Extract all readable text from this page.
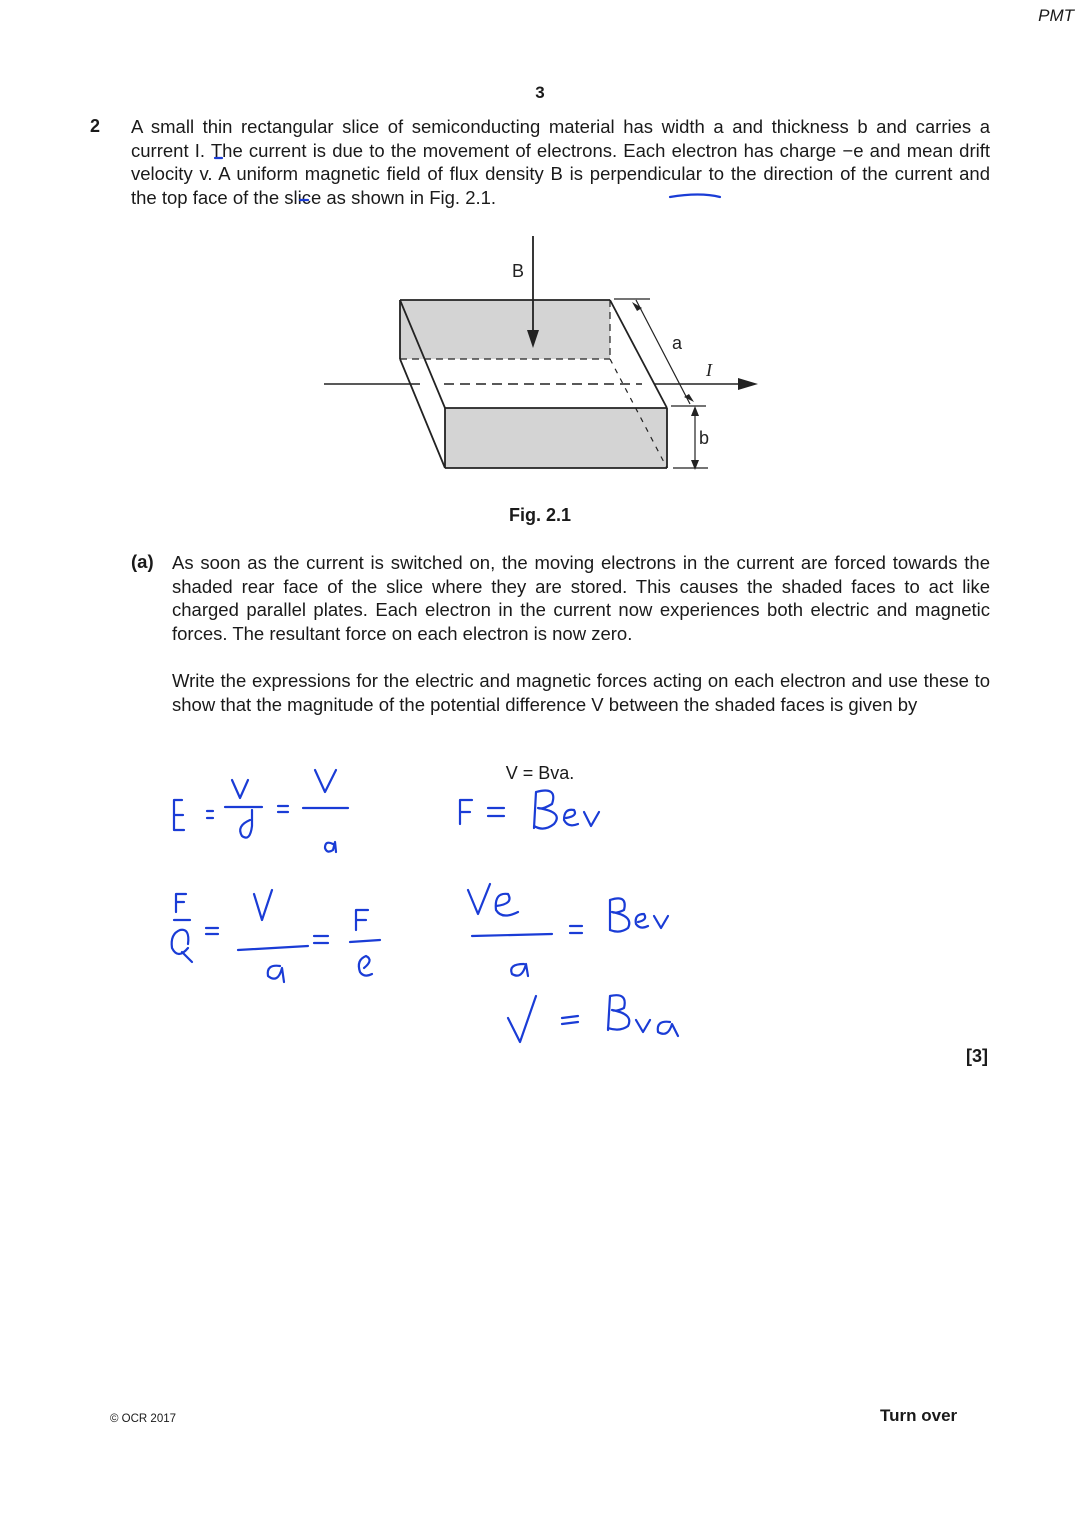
PMT
3
2 A small thin rectangular slice of semiconducting material has width a and thickness b and carries a current I. The current is due to the movement of electrons. Each electron has charge −e and mean drift velocity v. A uniform magnetic field of flux density B is perpendicular to the direction of the current and the top face of the slice as shown in Fig. 2.1.
B
a
I
b
Fig. 2.1
(a) As soon as the current is switched on, the moving electrons in the current are forced towards the shaded rear face of the slice where they are stored. This causes the shaded faces to act like charged parallel plates. Each electron in the current now experiences both electric and magnetic forces. The resultant force on each electron is now zero.
Write the expressions for the electric and magnetic forces acting on each electron and use these to show that the magnitude of the potential difference V between the shaded faces is given by
V = Bva.
[3]
© OCR 2017	Turn over
